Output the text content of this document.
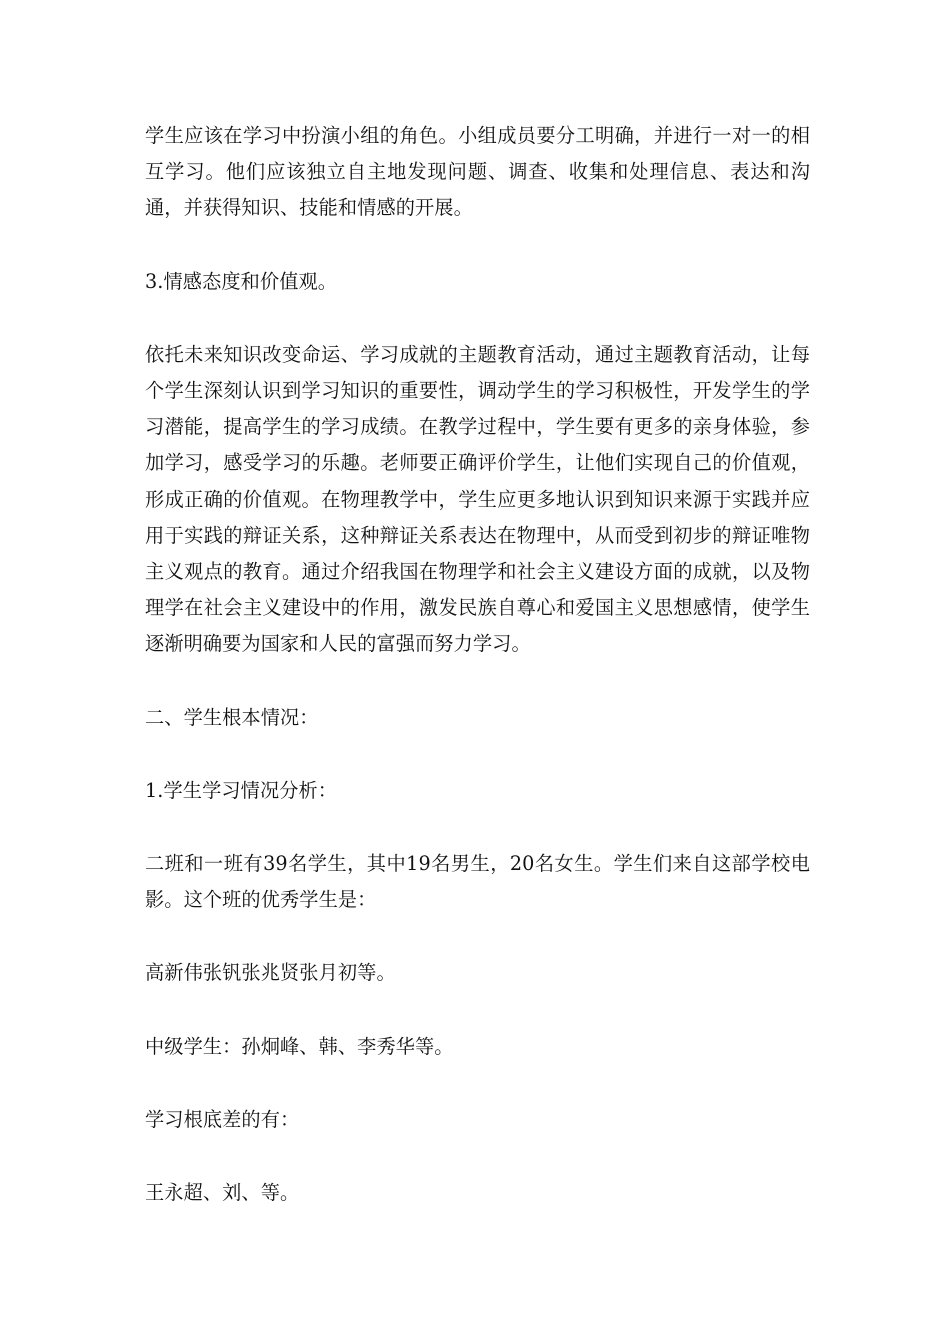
学生应该在学习中扮演小组的角色。小组成员要分工明确，并进行一对一的相互学习。他们应该独立自主地发现问题、调查、收集和处理信息、表达和沟通，并获得知识、技能和情感的开展。

3.情感态度和价值观。

依托未来知识改变命运、学习成就的主题教育活动，通过主题教育活动，让每个学生深刻认识到学习知识的重要性，调动学生的学习积极性，开发学生的学习潜能，提高学生的学习成绩。在教学过程中，学生要有更多的亲身体验，参加学习，感受学习的乐趣。老师要正确评价学生，让他们实现自己的价值观，形成正确的价值观。在物理教学中，学生应更多地认识到知识来源于实践并应用于实践的辩证关系，这种辩证关系表达在物理中，从而受到初步的辩证唯物主义观点的教育。通过介绍我国在物理学和社会主义建设方面的成就，以及物理学在社会主义建设中的作用，激发民族自尊心和爱国主义思想感情，使学生逐渐明确要为国家和人民的富强而努力学习。

二、学生根本情况：

1.学生学习情况分析：

二班和一班有39名学生，其中19名男生，20名女生。学生们来自这部学校电影。这个班的优秀学生是：

高新伟张钒张兆贤张月初等。

中级学生：孙炯峰、韩、李秀华等。

学习根底差的有：

王永超、刘、等。
